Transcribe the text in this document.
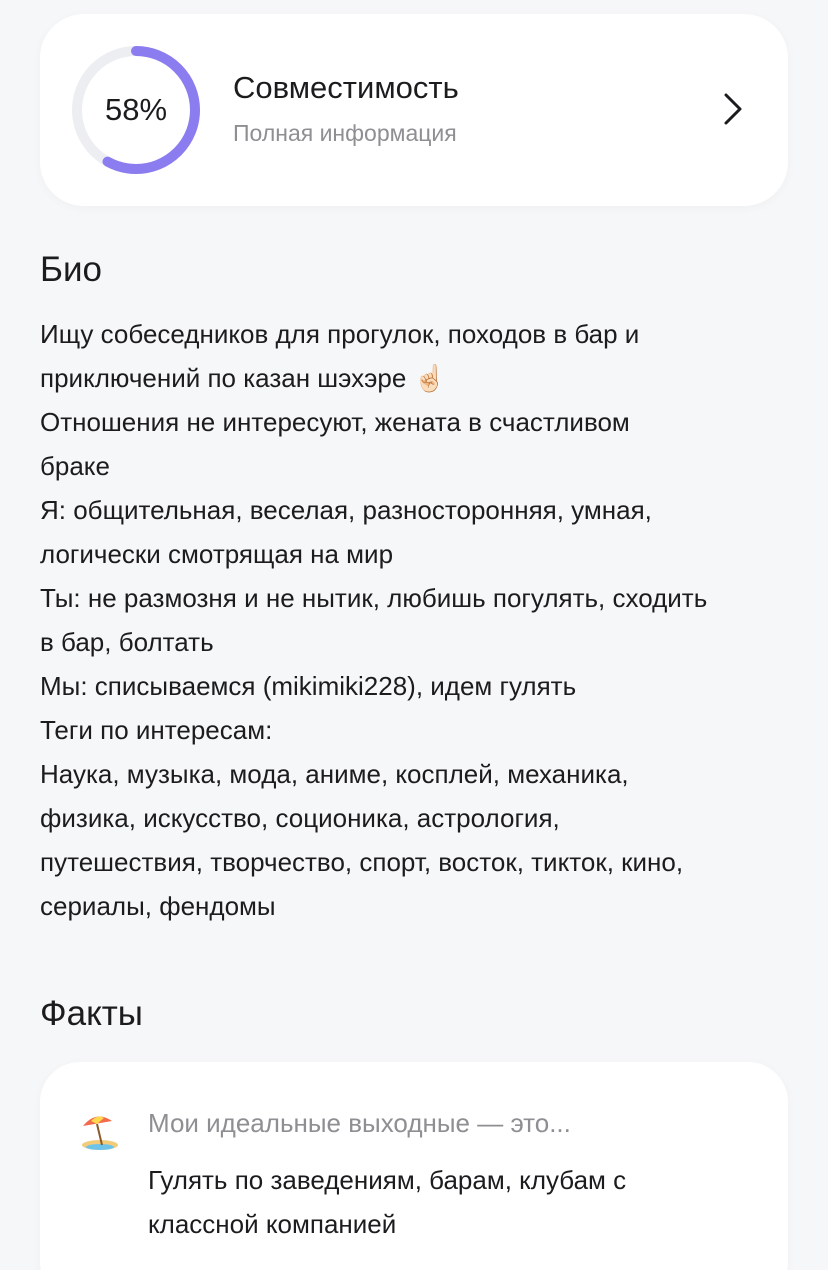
58%
Совместимость
Полная информация
Био
Ищу собеседников для прогулок, походов в бар и
приключений по казан шэхэре ☝🏻
Отношения не интересуют, жената в счастливом
браке
Я: общительная, веселая, разносторонняя, умная,
логически смотрящая на мир
Ты: не размозня и не нытик, любишь погулять, сходить
в бар, болтать
Мы: списываемся (mikimiki228), идем гулять
Теги по интересам:
Наука, музыка, мода, аниме, косплей, механика,
физика, искусство, соционика, астрология,
путешествия, творчество, спорт, восток, тикток, кино,
сериалы, фендомы
Факты
Мои идеальные выходные — это...
Гулять по заведениям, барам, клубам с
классной компанией
